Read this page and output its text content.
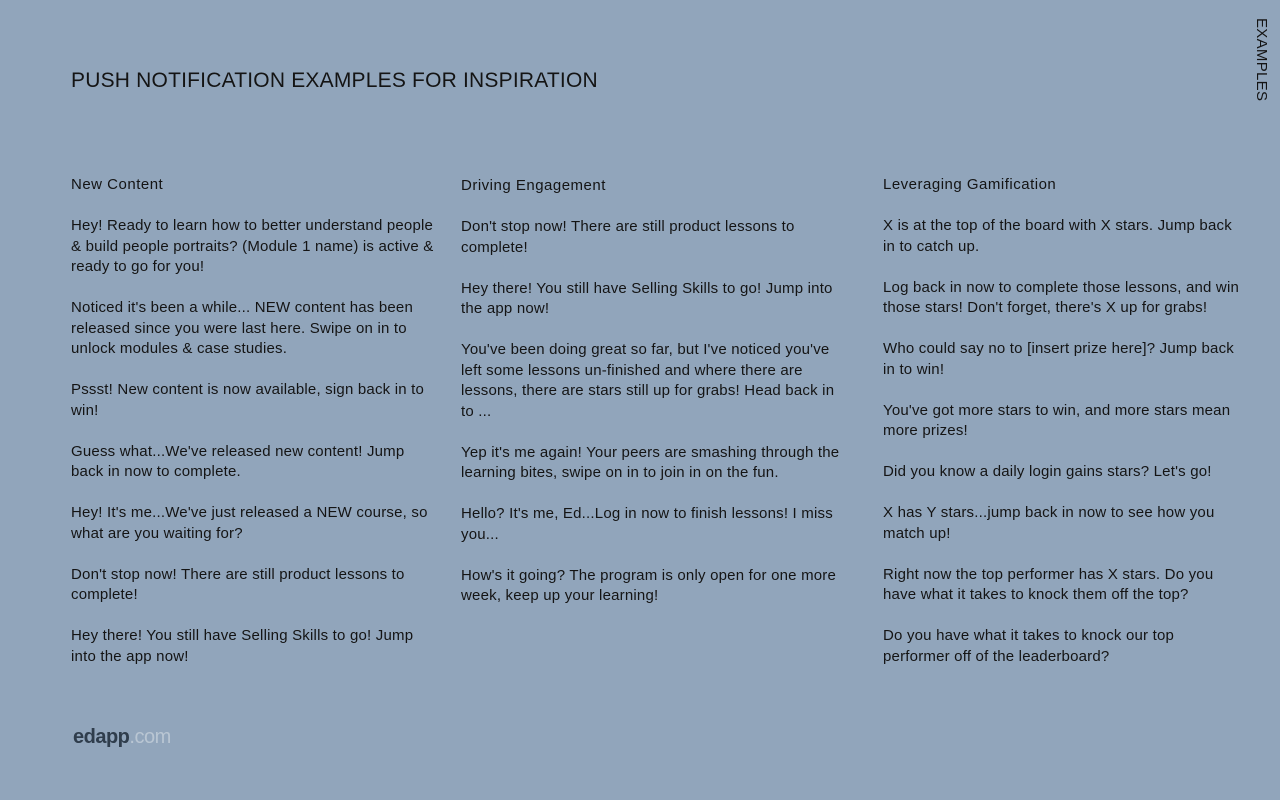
PUSH NOTIFICATION EXAMPLES FOR INSPIRATION	EXAMPLES
New Content

Hey! Ready to learn how to better understand people & build people portraits? (Module 1 name) is active & ready to go for you!

Noticed it's been a while... NEW content has been released since you were last here. Swipe on in to unlock modules & case studies.

Pssst! New content is now available, sign back in to win!

Guess what...We've released new content! Jump back in now to complete.

Hey! It's me...We've just released a NEW course, so what are you waiting for?

Don't stop now! There are still product lessons to complete!

Hey there! You still have Selling Skills to go! Jump into the app now!

Driving Engagement

Don't stop now! There are still product lessons to complete!

Hey there! You still have Selling Skills to go! Jump into the app now!

You've been doing great so far, but I've noticed you've left some lessons un-finished and where there are lessons, there are stars still up for grabs! Head back in to ...

Yep it's me again! Your peers are smashing through the learning bites, swipe on in to join in on the fun.

Hello? It's me, Ed...Log in now to finish lessons! I miss you...

How's it going? The program is only open for one more week, keep up your learning!

Leveraging Gamification

X is at the top of the board with X stars. Jump back in to catch up.

Log back in now to complete those lessons, and win those stars! Don't forget, there's X up for grabs!

Who could say no to [insert prize here]? Jump back in to win!

You've got more stars to win, and more stars mean more prizes!

Did you know a daily login gains stars? Let's go!

X has Y stars...jump back in now to see how you match up!

Right now the top performer has X stars. Do you have what it takes to knock them off the top?

Do you have what it takes to knock our top performer off of the leaderboard?

edapp.com
